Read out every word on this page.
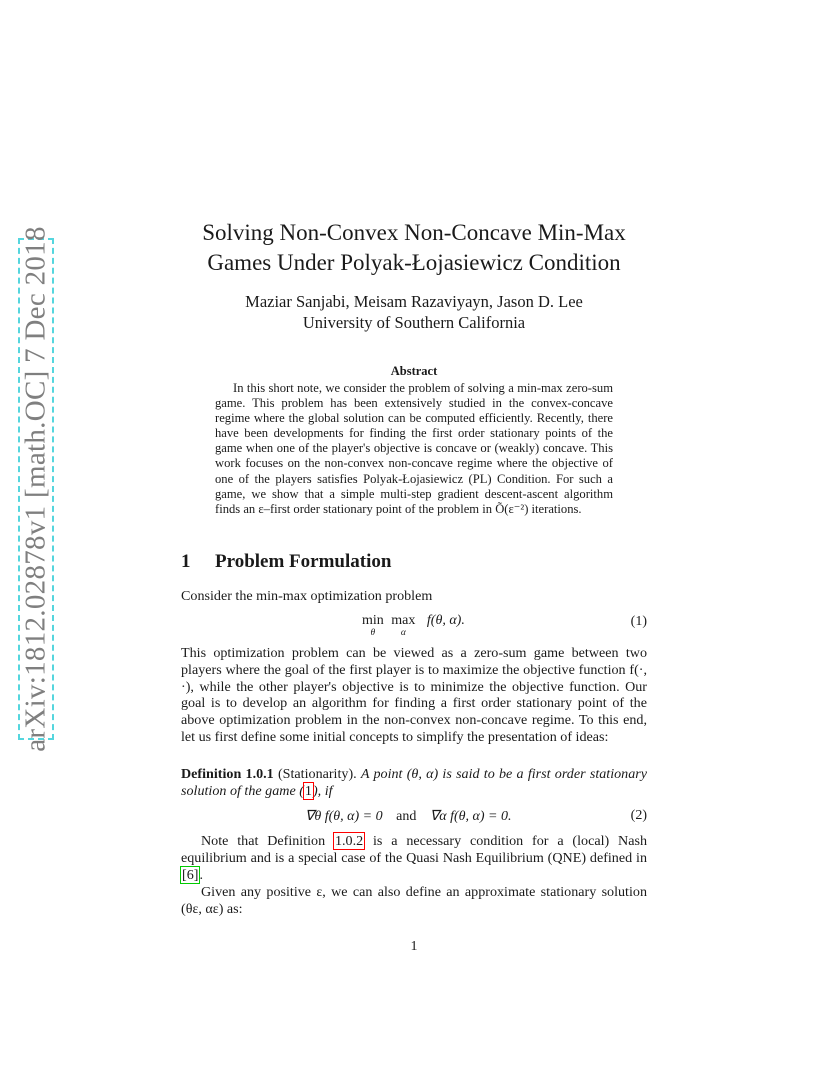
arXiv:1812.02878v1 [math.OC] 7 Dec 2018	Solving Non-Convex Non-Concave Min-Max
Games Under Polyak-Łojasiewicz Condition
Maziar Sanjabi, Meisam Razaviyayn, Jason D. Lee
University of Southern California
Abstract
In this short note, we consider the problem of solving a min-max zero-sum game. This problem has been extensively studied in the convex-concave regime where the global solution can be computed efficiently. Recently, there have been developments for finding the first order stationary points of the game when one of the player's objective is concave or (weakly) concave. This work focuses on the non-convex non-concave regime where the objective of one of the players satisfies Polyak-Łojasiewicz (PL) Condition. For such a game, we show that a simple multi-step gradient descent-ascent algorithm finds an ε–first order stationary point of the problem in Õ(ε⁻²) iterations.
1 Problem Formulation
Consider the min-max optimization problem
min
θ
max
α
f(θ, α).	(1)
This optimization problem can be viewed as a zero-sum game between two players where the goal of the first player is to maximize the objective function f(·, ·), while the other player's objective is to minimize the objective function. Our goal is to develop an algorithm for finding a first order stationary point of the above optimization problem in the non-convex non-concave regime. To this end, let us first define some initial concepts to simplify the presentation of ideas:
Definition 1.0.1 (Stationarity). A point (θ, α) is said to be a first order stationary solution of the game (1), if
∇θ f(θ, α) = 0 and ∇α f(θ, α) = 0.	(2)
Note that Definition 1.0.2 is a necessary condition for a (local) Nash equilibrium and is a special case of the Quasi Nash Equilibrium (QNE) defined in [6].
Given any positive ε, we can also define an approximate stationary solution (θε, αε) as:
1
